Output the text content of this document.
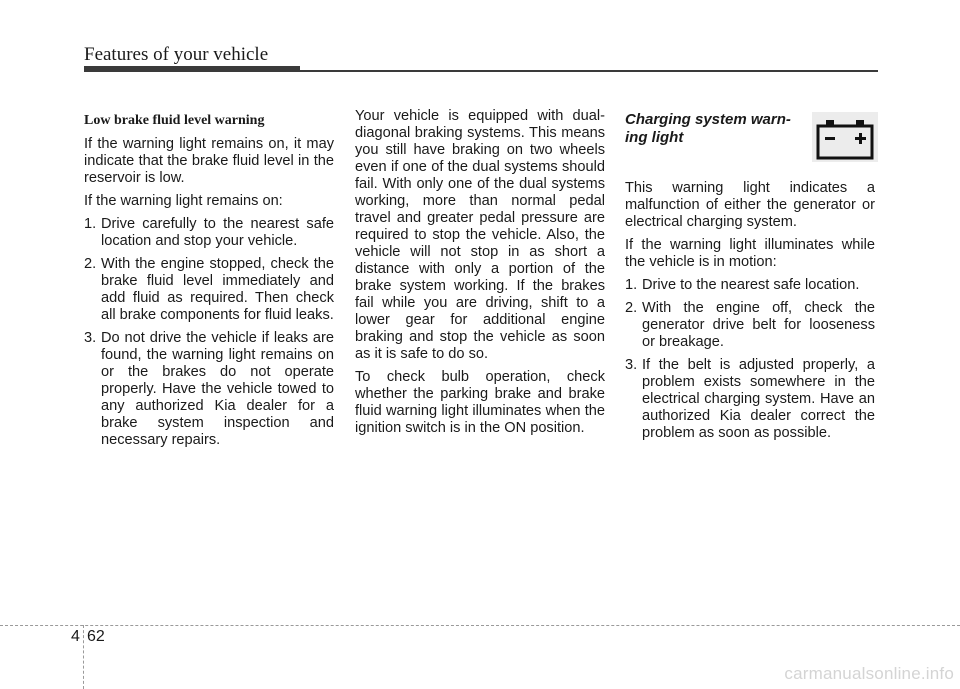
Features of your vehicle
Low brake fluid level warning

If the warning light remains on, it may indicate that the brake fluid level in the reservoir is low.

If the warning light remains on:

1. Drive carefully to the nearest safe location and stop your vehicle.
2. With the engine stopped, check the brake fluid level immediately and add fluid as required. Then check all brake components for fluid leaks.
3. Do not drive the vehicle if leaks are found, the warning light remains on or the brakes do not operate properly. Have the vehicle towed to any authorized Kia dealer for a brake system inspection and necessary repairs.

Your vehicle is equipped with dual-diagonal braking systems. This means you still have braking on two wheels even if one of the dual systems should fail. With only one of the dual systems working, more than normal pedal travel and greater pedal pressure are required to stop the vehicle. Also, the vehicle will not stop in as short a distance with only a portion of the brake system working. If the brakes fail while you are driving, shift to a lower gear for additional engine braking and stop the vehicle as soon as it is safe to do so.

To check bulb operation, check whether the parking brake and brake fluid warning light illuminates when the ignition switch is in the ON position.

Charging system warn-
ing light

This warning light indicates a malfunction of either the generator or electrical charging system.

If the warning light illuminates while the vehicle is in motion:

1. Drive to the nearest safe location.
2. With the engine off, check the generator drive belt for looseness or breakage.
3. If the belt is adjusted properly, a problem exists somewhere in the electrical charging system. Have an authorized Kia dealer correct the problem as soon as possible.
4 62
carmanualsonline.info
